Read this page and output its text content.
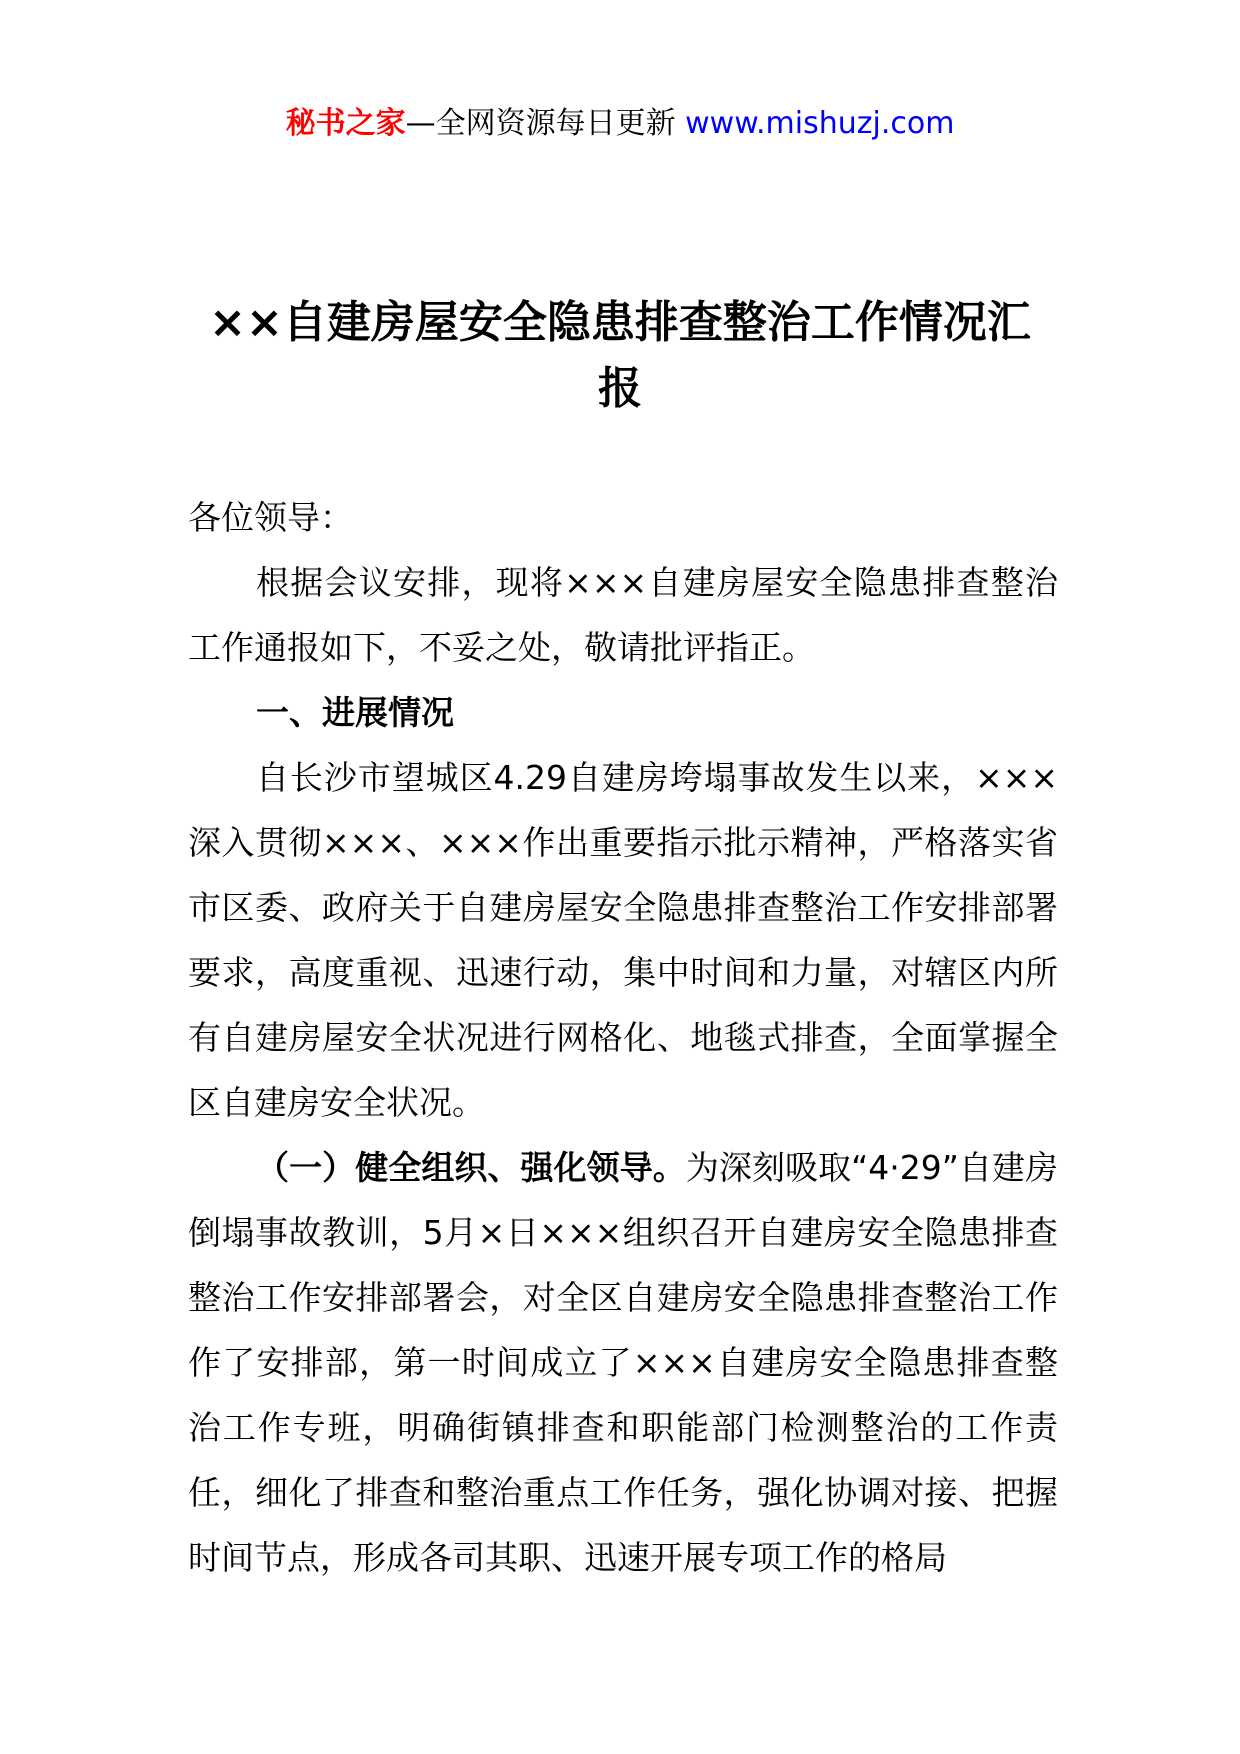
秘书之家—全网资源每日更新 www.mishuzj.com
××自建房屋安全隐患排查整治工作情况汇报

各位领导：

根据会议安排，现将×××自建房屋安全隐患排查整治工作通报如下，不妥之处，敬请批评指正。

一、进展情况

自长沙市望城区4.29自建房垮塌事故发生以来，×××深入贯彻×××、×××作出重要指示批示精神，严格落实省市区委、政府关于自建房屋安全隐患排查整治工作安排部署要求，高度重视、迅速行动，集中时间和力量，对辖区内所有自建房屋安全状况进行网格化、地毯式排查，全面掌握全区自建房安全状况。

（一）健全组织、强化领导。为深刻吸取“4·29”自建房倒塌事故教训，5月×日×××组织召开自建房安全隐患排查整治工作安排部署会，对全区自建房安全隐患排查整治工作作了安排部，第一时间成立了×××自建房安全隐患排查整治工作专班，明确街镇排查和职能部门检测整治的工作责任，细化了排查和整治重点工作任务，强化协调对接、把握时间节点，形成各司其职、迅速开展专项工作的格局
